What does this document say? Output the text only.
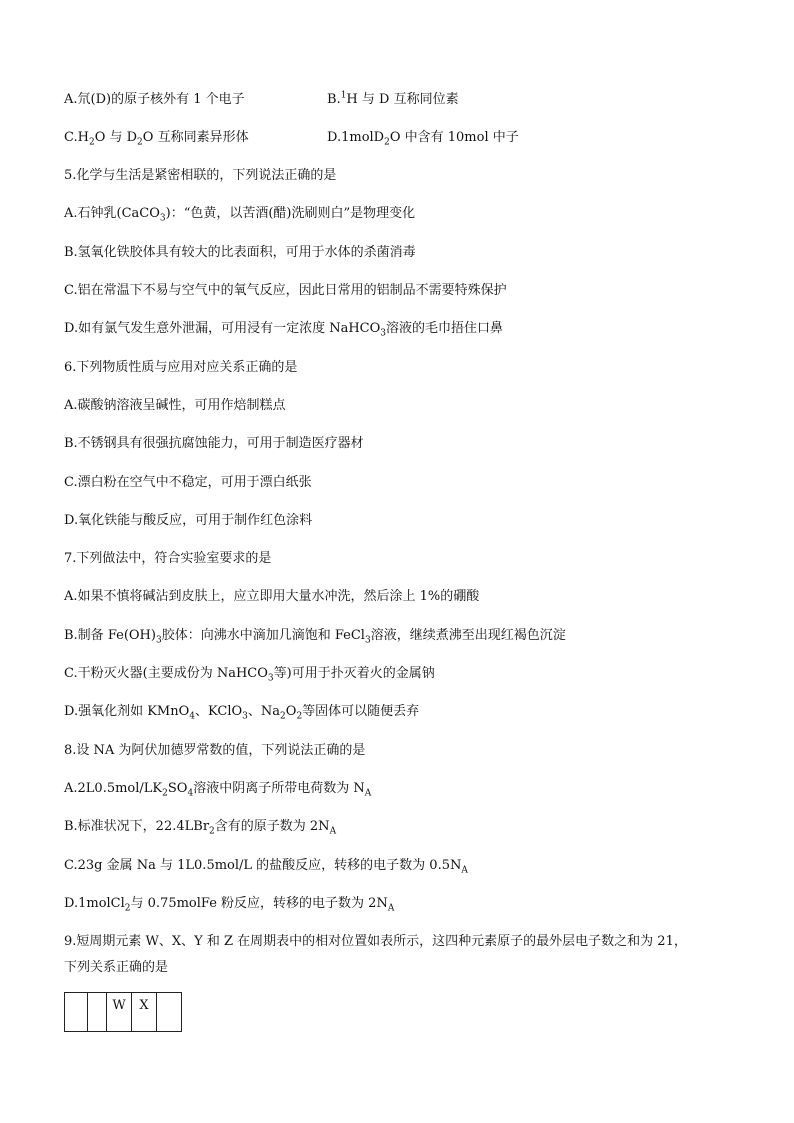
A.氘(D)的原子核外有 1 个电子	B.$^1$H 与 D 互称同位素
$C.H_2O$ 与 $D_2O$ 互称同素异形体	D.1molD$_2$O 中含有 10mol 中子
5.化学与生活是紧密相联的，下列说法正确的是
A.石钟乳(CaCO$_3$)：“色黄，以苦酒(醋)洗刷则白”是物理变化
B.氢氧化铁胶体具有较大的比表面积，可用于水体的杀菌消毒
C.铝在常温下不易与空气中的氧气反应，因此日常用的铝制品不需要特殊保护
D.如有氯气发生意外泄漏，可用浸有一定浓度 NaHCO$_3$溶液的毛巾捂住口鼻
6.下列物质性质与应用对应关系正确的是
A.碳酸钠溶液呈碱性，可用作焙制糕点
B.不锈钢具有很强抗腐蚀能力，可用于制造医疗器材
C.漂白粉在空气中不稳定，可用于漂白纸张
D.氧化铁能与酸反应，可用于制作红色涂料
7.下列做法中，符合实验室要求的是
A.如果不慎将碱沾到皮肤上，应立即用大量水冲洗，然后涂上 1%的硼酸
B.制备 $Fe(OH)_3$胶体：向沸水中滴加几滴饱和 FeCl$_3$溶液，继续煮沸至出现红褐色沉淀
C.干粉灭火器(主要成份为 NaHCO$_3$等)可用于扑灭着火的金属钠
D.强氧化剂如 KMnO$_4$、KClO$_3$、$Na_2O_2$等固体可以随便丢弃
8.设 NA 为阿伏加德罗常数的值，下列说法正确的是
$A.2L0.5mol/LK_2SO_4$溶液中阴离子所带电荷数为 $N_A$
B.标准状况下，22.4LBr$_2$含有的原子数为 $2N_A$
C.23g 金属 Na 与 1L0.5mol/L 的盐酸反应，转移的电子数为 $0.5N_A$
D.1molCl$_2$与 0.75molFe 粉反应，转移的电子数为 $2N_A$
9.短周期元素 W、X、Y 和 Z 在周期表中的相对位置如表所示，这四种元素原子的最外层电子数之和为 21，
下列关系正确的是
		W	X	
